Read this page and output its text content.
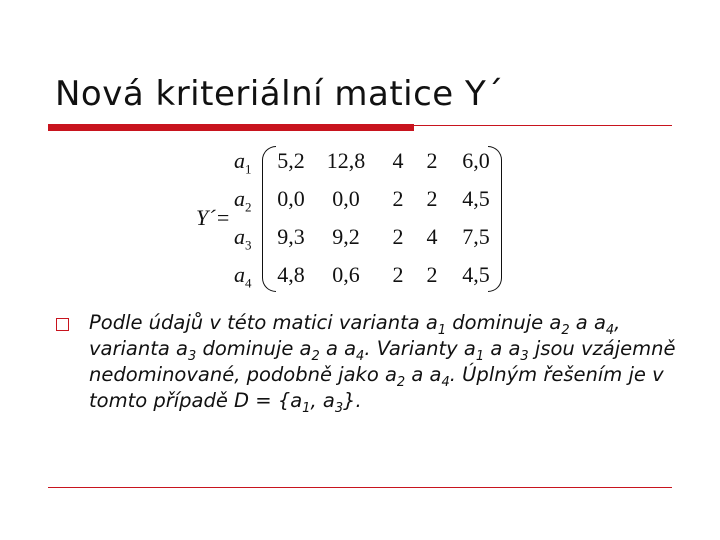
Nová kriteriální matice Y´
Y´=
$a_1$	5,2	12,8	4	2	6,0
$a_2$	0,0	0,0	2	2	4,5
$a_3$	9,3	9,2	2	4	7,5
$a_4$	4,8	0,6	2	2	4,5
Podle údajů v této matici varianta $a_1$ dominuje $a_2$ a $a_4$, varianta $a_3$ dominuje $a_2$ a $a_4$. Varianty $a_1$ a $a_3$ jsou vzájemně nedominované, podobně jako $a_2$ a $a_4$. Úplným řešením je v tomto případě $D = \{a_1$, $a_3$}.
